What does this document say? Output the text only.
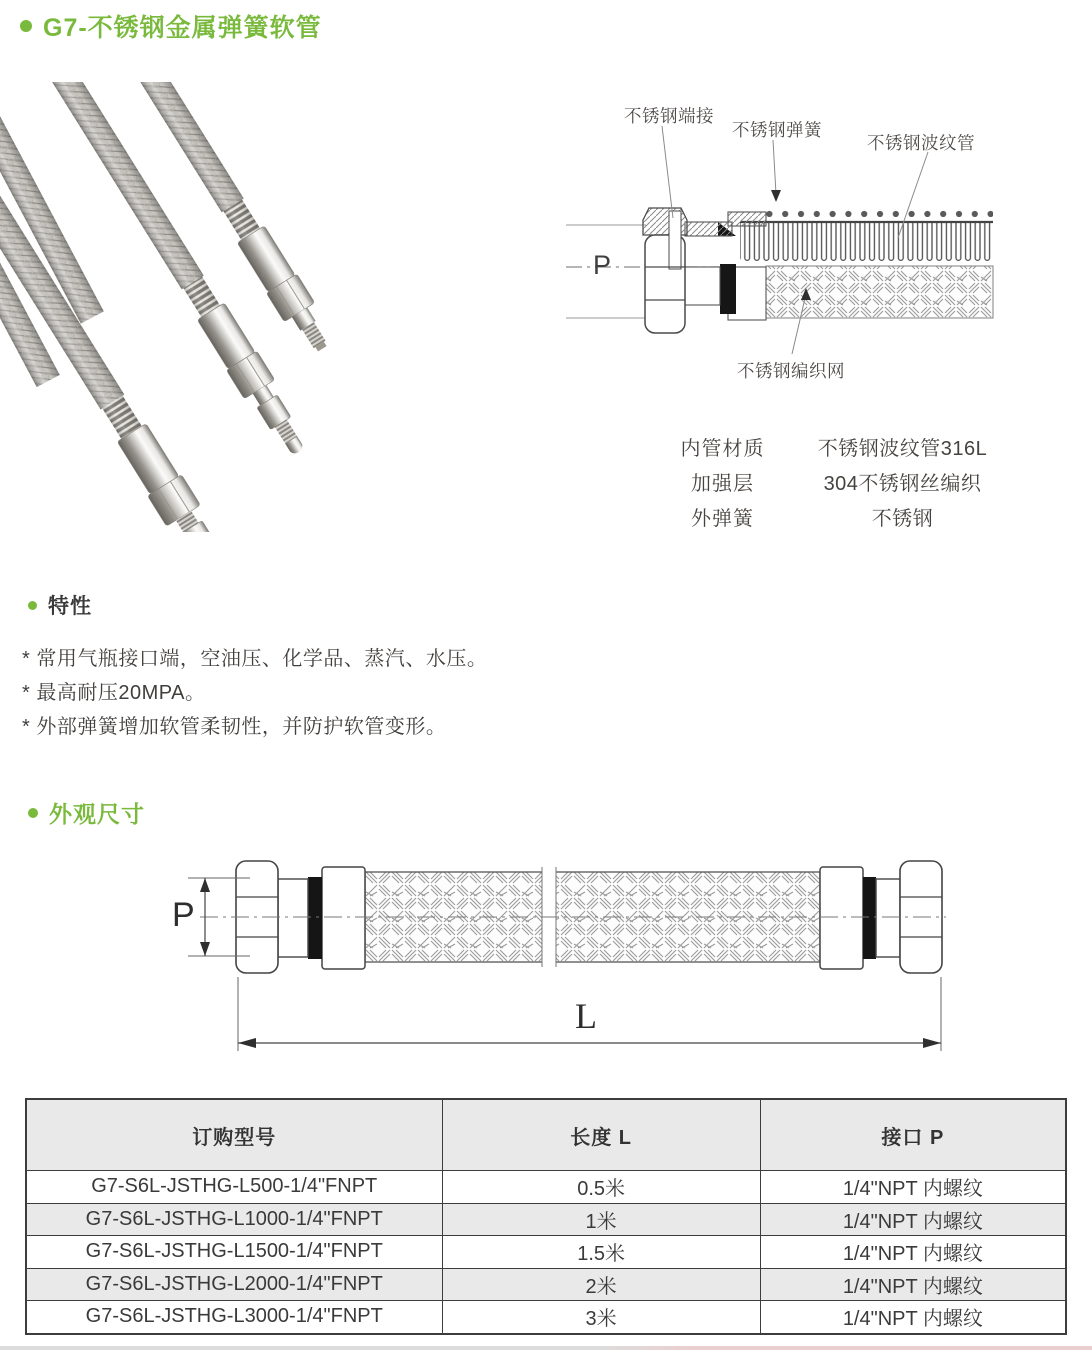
G7-不锈钢金属弹簧软管
不锈钢端接
不锈钢弹簧
不锈钢波纹管
不锈钢编织网
P
内管材质	不锈钢波纹管316L
加强层	304不锈钢丝编织
外弹簧	不锈钢
特性
* 常用气瓶接口端，空油压、化学品、蒸汽、水压。
* 最高耐压20MPA。
* 外部弹簧增加软管柔韧性，并防护软管变形。
外观尺寸
P
L
订购型号	长度 L	接口 P
G7-S6L-JSTHG-L500-1/4"FNPT	0.5米	1/4"NPT 内螺纹
G7-S6L-JSTHG-L1000-1/4"FNPT	1米	1/4"NPT 内螺纹
G7-S6L-JSTHG-L1500-1/4"FNPT	1.5米	1/4"NPT 内螺纹
G7-S6L-JSTHG-L2000-1/4"FNPT	2米	1/4"NPT 内螺纹
G7-S6L-JSTHG-L3000-1/4"FNPT	3米	1/4"NPT 内螺纹
